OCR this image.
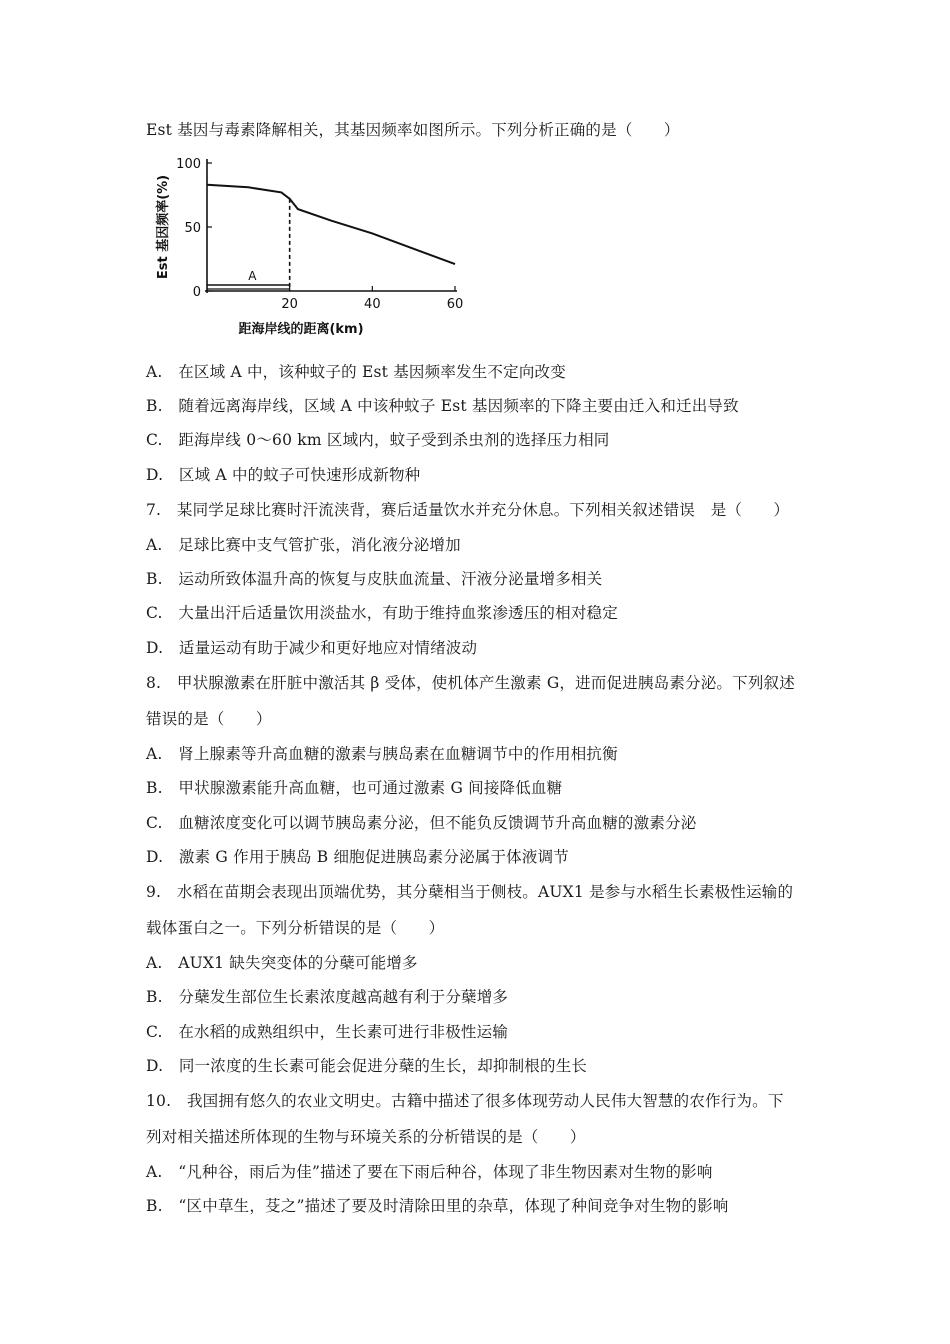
Est 基因与毒素降解相关，其基因频率如图所示。下列分析正确的是（　　）
0
50
100
20	40	60
距海岸线的距离(km)
Est 基因频率(%)	A
A.　在区域 A 中，该种蚊子的 Est 基因频率发生不定向改变
B.　随着远离海岸线，区域 A 中该种蚊子 Est 基因频率的下降主要由迁入和迁出导致
C.　距海岸线 0～60 km 区域内，蚊子受到杀虫剂的选择压力相同
D.　区域 A 中的蚊子可快速形成新物种
7.　某同学足球比赛时汗流浃背，赛后适量饮水并充分休息。下列相关叙述错误　是（　　）
A.　足球比赛中支气管扩张，消化液分泌增加
B.　运动所致体温升高的恢复与皮肤血流量、汗液分泌量增多相关
C.　大量出汗后适量饮用淡盐水，有助于维持血浆渗透压的相对稳定
D.　适量运动有助于减少和更好地应对情绪波动
8.　甲状腺激素在肝脏中激活其 β 受体，使机体产生激素 G，进而促进胰岛素分泌。下列叙述
错误的是（　　）
A.　肾上腺素等升高血糖的激素与胰岛素在血糖调节中的作用相抗衡
B.　甲状腺激素能升高血糖，也可通过激素 G 间接降低血糖
C.　血糖浓度变化可以调节胰岛素分泌，但不能负反馈调节升高血糖的激素分泌
D.　激素 G 作用于胰岛 B 细胞促进胰岛素分泌属于体液调节
9.　水稻在苗期会表现出顶端优势，其分蘖相当于侧枝。AUX1 是参与水稻生长素极性运输的
载体蛋白之一。下列分析错误的是（　　）
A.　AUX1 缺失突变体的分蘖可能增多
B.　分蘖发生部位生长素浓度越高越有利于分蘖增多
C.　在水稻的成熟组织中，生长素可进行非极性运输
D.　同一浓度的生长素可能会促进分蘖的生长，却抑制根的生长
10.　我国拥有悠久的农业文明史。古籍中描述了很多体现劳动人民伟大智慧的农作行为。下
列对相关描述所体现的生物与环境关系的分析错误的是（　　）
A.　“凡种谷，雨后为佳”描述了要在下雨后种谷，体现了非生物因素对生物的影响
B.　“区中草生，芟之”描述了要及时清除田里的杂草，体现了种间竞争对生物的影响
